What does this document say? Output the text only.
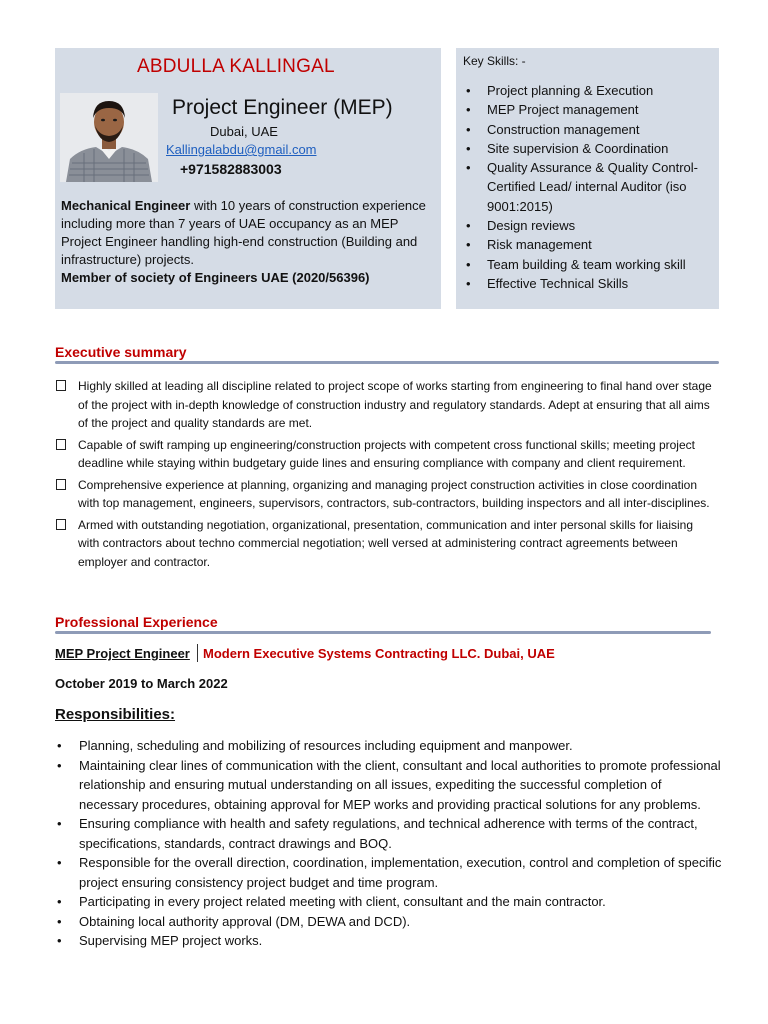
ABDULLA KALLINGAL
Project Engineer (MEP)
Dubai, UAE
Kallingalabdu@gmail.com
+971582883003
Mechanical Engineer with 10 years of construction experience including more than 7 years of UAE occupancy as an MEP Project Engineer handling high-end construction (Building and infrastructure) projects.
Member of society of Engineers UAE (2020/56396)
Key Skills: -
• Project planning & Execution
• MEP Project management
• Construction management
• Site supervision & Coordination
• Quality Assurance & Quality Control-Certified Lead/ internal Auditor (iso 9001:2015)
• Design reviews
• Risk management
• Team building & team working skill
• Effective Technical Skills
Executive summary
Highly skilled at leading all discipline related to project scope of works starting from engineering to final hand over stage of the project with in-depth knowledge of construction industry and regulatory standards. Adept at ensuring that all aims of the project and quality standards are met.
Capable of swift ramping up engineering/construction projects with competent cross functional skills; meeting project deadline while staying within budgetary guide lines and ensuring compliance with company and client requirement.
Comprehensive experience at planning, organizing and managing project construction activities in close coordination with top management, engineers, supervisors, contractors, sub-contractors, building inspectors and all inter-disciplines.
Armed with outstanding negotiation, organizational, presentation, communication and inter personal skills for liaising with contractors about techno commercial negotiation; well versed at administering contract agreements between employer and contractor.
Professional Experience
MEP Project Engineer Modern Executive Systems Contracting LLC. Dubai, UAE
October 2019 to March 2022
Responsibilities:
• Planning, scheduling and mobilizing of resources including equipment and manpower.
• Maintaining clear lines of communication with the client, consultant and local authorities to promote professional relationship and ensuring mutual understanding on all issues, expediting the successful completion of necessary procedures, obtaining approval for MEP works and providing practical solutions for any problems.
• Ensuring compliance with health and safety regulations, and technical adherence with terms of the contract, specifications, standards, contract drawings and BOQ.
• Responsible for the overall direction, coordination, implementation, execution, control and completion of specific project ensuring consistency project budget and time program.
• Participating in every project related meeting with client, consultant and the main contractor.
• Obtaining local authority approval (DM, DEWA and DCD).
• Supervising MEP project works.
